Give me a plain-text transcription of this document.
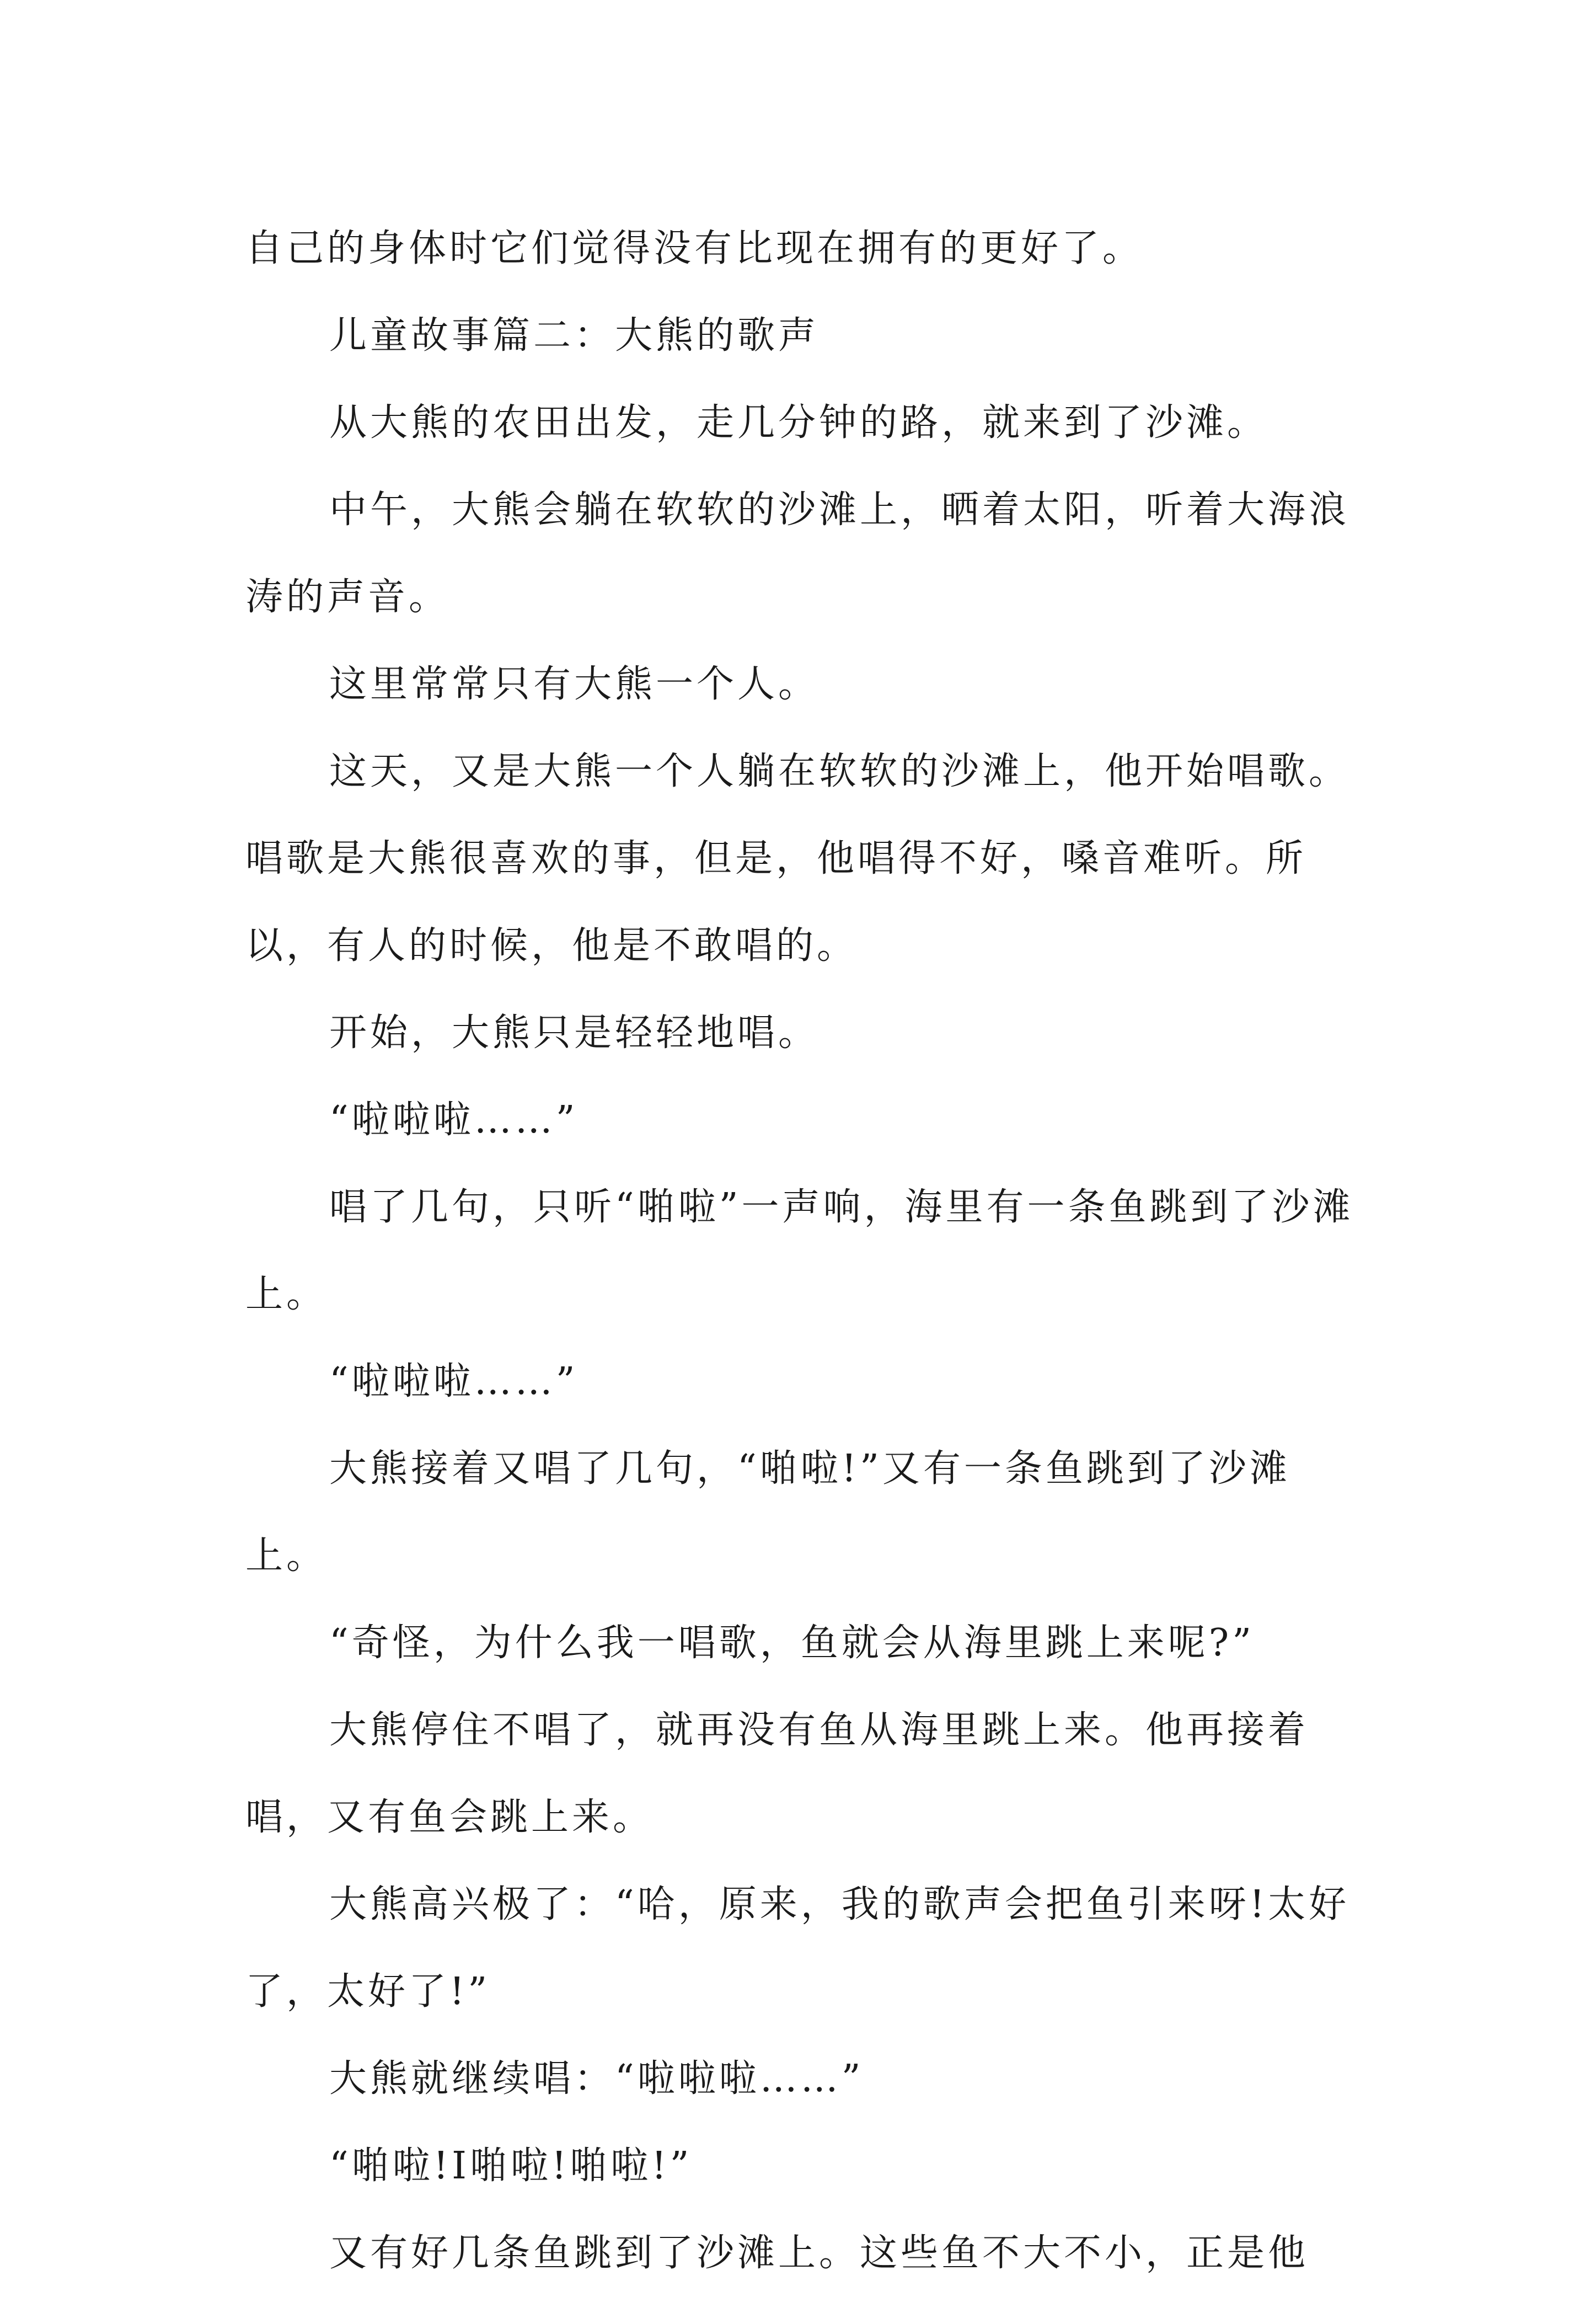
自己的身体时它们觉得没有比现在拥有的更好了。

儿童故事篇二：大熊的歌声

从大熊的农田出发，走几分钟的路，就来到了沙滩。

中午，大熊会躺在软软的沙滩上，晒着太阳，听着大海浪涛的声音。

这里常常只有大熊一个人。

这天，又是大熊一个人躺在软软的沙滩上，他开始唱歌。唱歌是大熊很喜欢的事，但是，他唱得不好，嗓音难听。所以，有人的时候，他是不敢唱的。

开始，大熊只是轻轻地唱。

“啦啦啦……”

唱了几句，只听“啪啦”一声响，海里有一条鱼跳到了沙滩上。

“啦啦啦……”

大熊接着又唱了几句，“啪啦!”又有一条鱼跳到了沙滩上。

“奇怪，为什么我一唱歌，鱼就会从海里跳上来呢?”

大熊停住不唱了，就再没有鱼从海里跳上来。他再接着唱，又有鱼会跳上来。

大熊高兴极了：“哈，原来，我的歌声会把鱼引来呀!太好了，太好了!”

大熊就继续唱：“啦啦啦……”

“啪啦!I啪啦!啪啦!”

又有好几条鱼跳到了沙滩上。这些鱼不大不小，正是他
